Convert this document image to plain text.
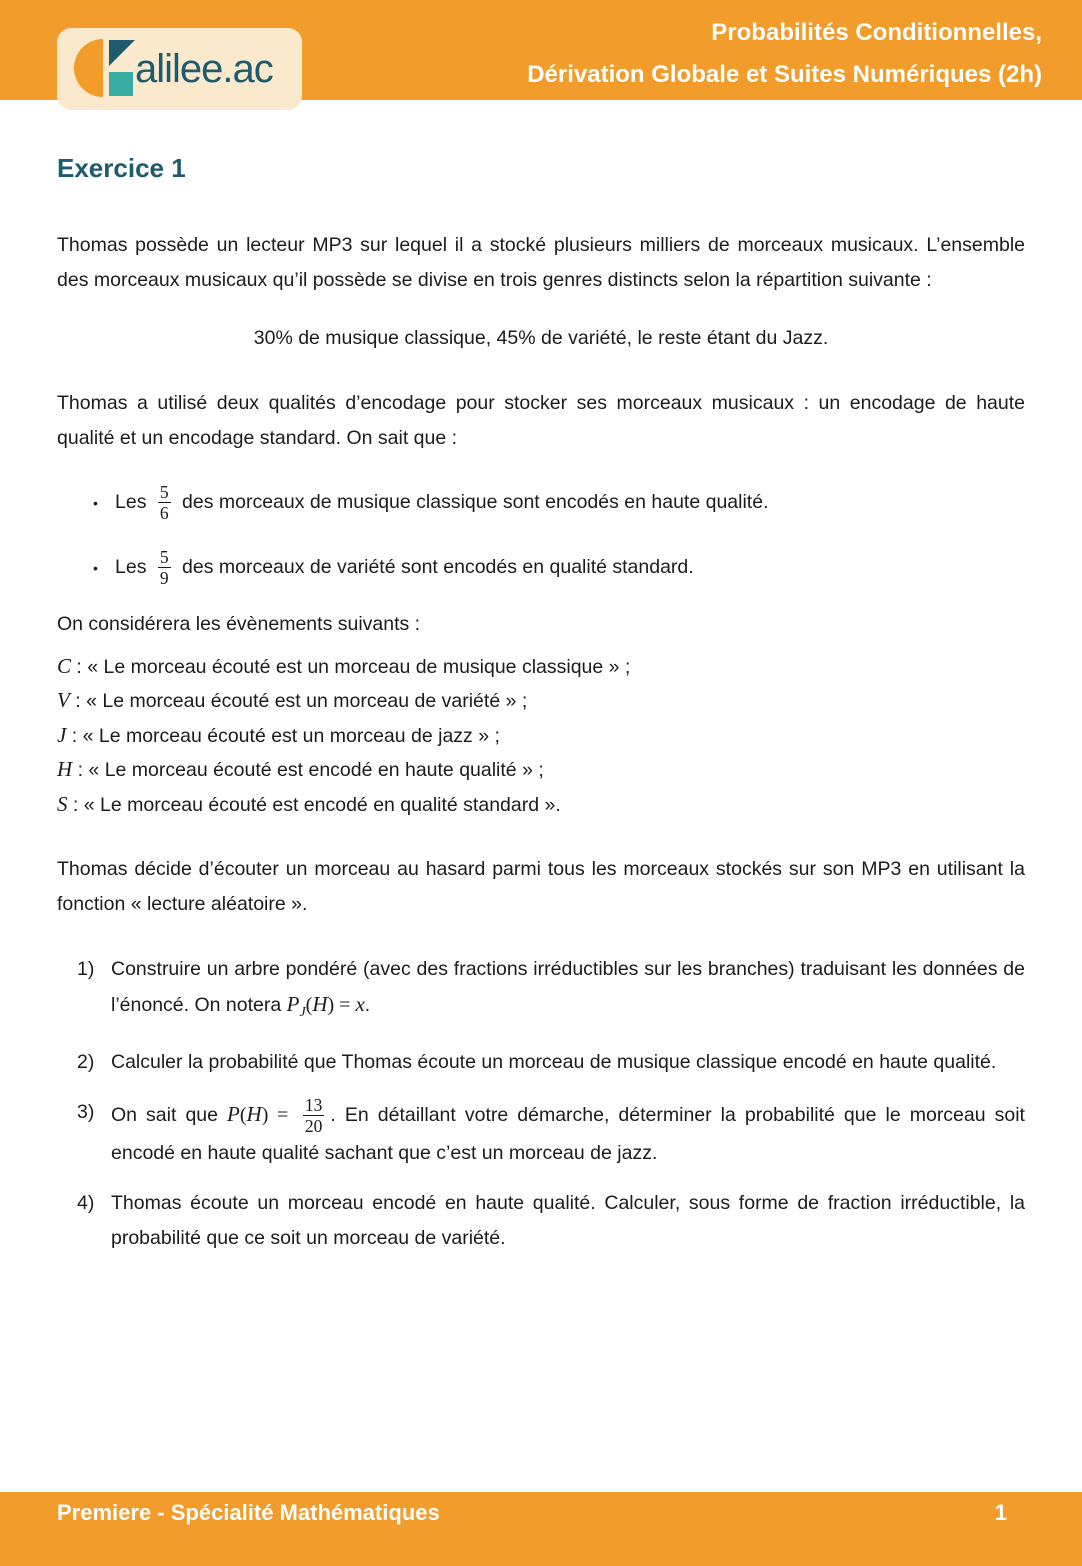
Probabilités Conditionnelles,
Dérivation Globale et Suites Numériques (2h)
alilee.ac
Exercice 1
Thomas possède un lecteur MP3 sur lequel il a stocké plusieurs milliers de morceaux musicaux. L’ensemble des morceaux musicaux qu’il possède se divise en trois genres distincts selon la répartition suivante :
30% de musique classique, 45% de variété, le reste étant du Jazz.
Thomas a utilisé deux qualités d’encodage pour stocker ses morceaux musicaux : un encodage de haute qualité et un encodage standard. On sait que :
• Les $\frac{5}{6}$ des morceaux de musique classique sont encodés en haute qualité.
• Les $\frac{5}{9}$ des morceaux de variété sont encodés en qualité standard.
On considérera les évènements suivants :
C : « Le morceau écouté est un morceau de musique classique » ;
V : « Le morceau écouté est un morceau de variété » ;
J : « Le morceau écouté est un morceau de jazz » ;
H : « Le morceau écouté est encodé en haute qualité » ;
S : « Le morceau écouté est encodé en qualité standard ».
Thomas décide d’écouter un morceau au hasard parmi tous les morceaux stockés sur son MP3 en utilisant la fonction « lecture aléatoire ».
1) Construire un arbre pondéré (avec des fractions irréductibles sur les branches) traduisant les données de l’énoncé. On notera $P_J(H) = x$.
2) Calculer la probabilité que Thomas écoute un morceau de musique classique encodé en haute qualité.
3) On sait que $P(H) = \frac{13}{20}$ . En détaillant votre démarche, déterminer la probabilité que le morceau soit encodé en haute qualité sachant que c’est un morceau de jazz.
4) Thomas écoute un morceau encodé en haute qualité. Calculer, sous forme de fraction irréductible, la probabilité que ce soit un morceau de variété.
Premiere - Spécialité Mathématiques	1
